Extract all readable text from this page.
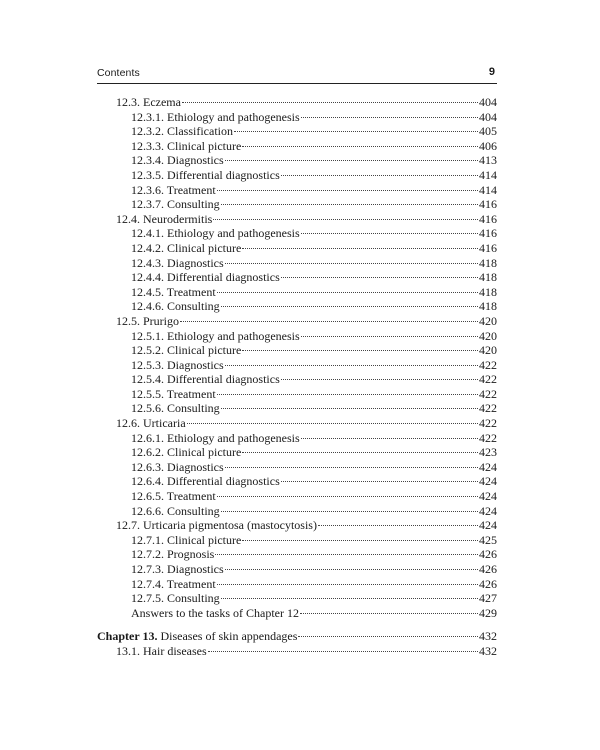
Contents	9
12.3. Eczema	404
12.3.1. Ethiology and pathogenesis	404
12.3.2. Classification	405
12.3.3. Clinical picture	406
12.3.4. Diagnostics	413
12.3.5. Differential diagnostics	414
12.3.6. Treatment	414
12.3.7. Consulting	416
12.4. Neurodermitis	416
12.4.1. Ethiology and pathogenesis	416
12.4.2. Clinical picture	416
12.4.3. Diagnostics	418
12.4.4. Differential diagnostics	418
12.4.5. Treatment	418
12.4.6. Consulting	418
12.5. Prurigo	420
12.5.1. Ethiology and pathogenesis	420
12.5.2. Clinical picture	420
12.5.3. Diagnostics	422
12.5.4. Differential diagnostics	422
12.5.5. Treatment	422
12.5.6. Consulting	422
12.6. Urticaria	422
12.6.1. Ethiology and pathogenesis	422
12.6.2. Clinical picture	423
12.6.3. Diagnostics	424
12.6.4. Differential diagnostics	424
12.6.5. Treatment	424
12.6.6. Consulting	424
12.7. Urticaria pigmentosa (mastocytosis)	424
12.7.1. Clinical picture	425
12.7.2. Prognosis	426
12.7.3. Diagnostics	426
12.7.4. Treatment	426
12.7.5. Consulting	427
Answers to the tasks of Chapter 12	429
Chapter 13. Diseases of skin appendages	432
13.1. Hair diseases	432
